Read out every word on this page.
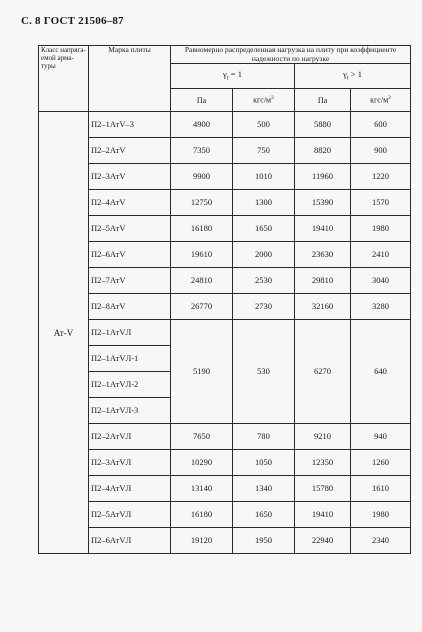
С. 8 ГОСТ 21506–87
Класс напряга-емой арма-туры	Марка плиты	Равномерно распределенная нагрузка на плиту при коэффициенте надежности по нагрузке			
		$\gamma_f = 1$		$\gamma_f > 1$	
		Па	кгс/$м^2$	Па	кгс/$м^2$
Ат-V	П2–1АтV–3	4900	500	5880	600
	П2–2АтV	7350	750	8820	900
	П2–3АтV	9900	1010	11960	1220
	П2–4АтV	12750	1300	15390	1570
	П2–5АтV	16180	1650	19410	1980
	П2–6АтV	19610	2000	23630	2410
	П2–7АтV	24810	2530	29810	3040
	П2–8АтV	26770	2730	32160	3280
	П2–1АтVЛ	5190	530	6270	640
	П2–1АтVЛ-1				
	П2–1АтVЛ-2				
	П2–1АтVЛ-3				
	П2–2АтVЛ	7650	780	9210	940
	П2–3АтVЛ	10290	1050	12350	1260
	П2–4АтVЛ	13140	1340	15780	1610
	П2–5АтVЛ	16180	1650	19410	1980
	П2–6АтVЛ	19120	1950	22940	2340
